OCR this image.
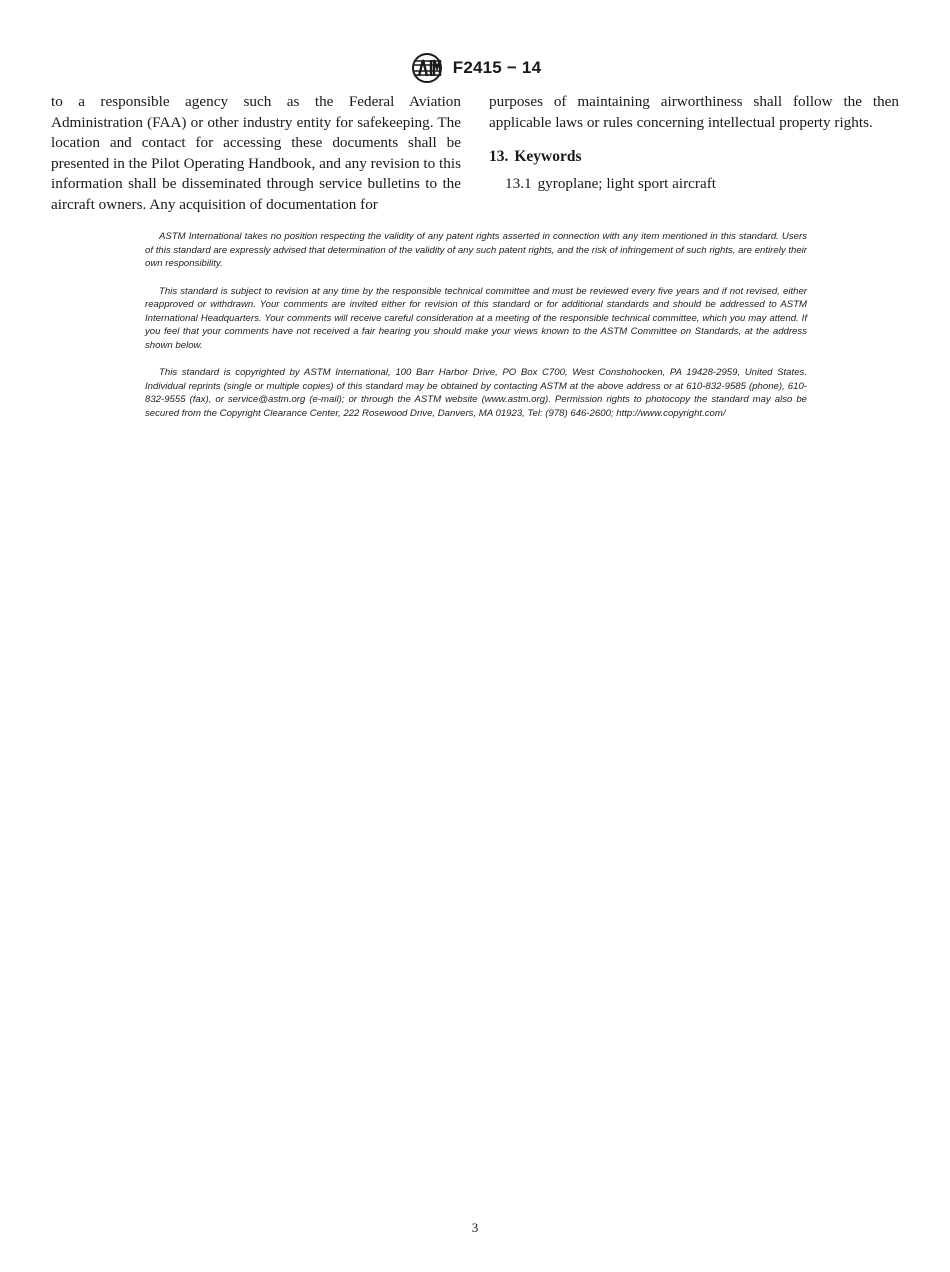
F2415 − 14

to a responsible agency such as the Federal Aviation Administration (FAA) or other industry entity for safekeeping. The location and contact for accessing these documents shall be presented in the Pilot Operating Handbook, and any revision to this information shall be disseminated through service bulletins to the aircraft owners. Any acquisition of documentation for

purposes of maintaining airworthiness shall follow the then applicable laws or rules concerning intellectual property rights.

13. Keywords

13.1 gyroplane; light sport aircraft

ASTM International takes no position respecting the validity of any patent rights asserted in connection with any item mentioned in this standard. Users of this standard are expressly advised that determination of the validity of any such patent rights, and the risk of infringement of such rights, are entirely their own responsibility.

This standard is subject to revision at any time by the responsible technical committee and must be reviewed every five years and if not revised, either reapproved or withdrawn. Your comments are invited either for revision of this standard or for additional standards and should be addressed to ASTM International Headquarters. Your comments will receive careful consideration at a meeting of the responsible technical committee, which you may attend. If you feel that your comments have not received a fair hearing you should make your views known to the ASTM Committee on Standards, at the address shown below.

This standard is copyrighted by ASTM International, 100 Barr Harbor Drive, PO Box C700, West Conshohocken, PA 19428-2959, United States. Individual reprints (single or multiple copies) of this standard may be obtained by contacting ASTM at the above address or at 610-832-9585 (phone), 610-832-9555 (fax), or service@astm.org (e-mail); or through the ASTM website (www.astm.org). Permission rights to photocopy the standard may also be secured from the Copyright Clearance Center, 222 Rosewood Drive, Danvers, MA 01923, Tel: (978) 646-2600; http://www.copyright.com/

3
